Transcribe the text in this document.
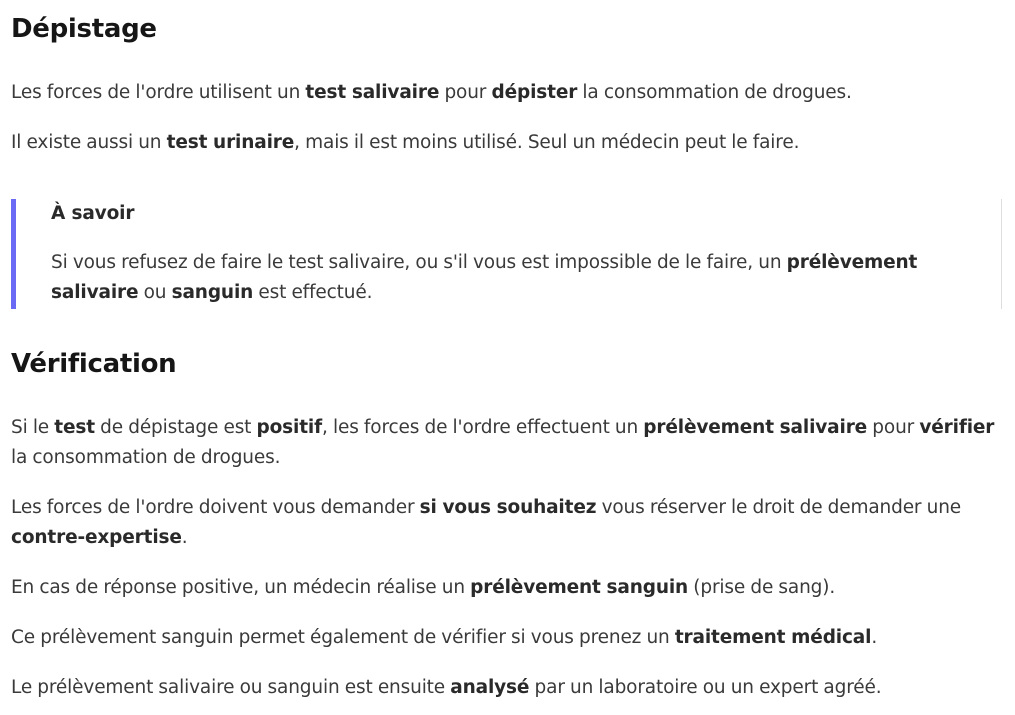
Dépistage

Les forces de l'ordre utilisent un test salivaire pour dépister la consommation de drogues.

Il existe aussi un test urinaire, mais il est moins utilisé. Seul un médecin peut le faire.

À savoir

Si vous refusez de faire le test salivaire, ou s'il vous est impossible de le faire, un prélèvement salivaire ou sanguin est effectué.

Vérification

Si le test de dépistage est positif, les forces de l'ordre effectuent un prélèvement salivaire pour vérifier la consommation de drogues.

Les forces de l'ordre doivent vous demander si vous souhaitez vous réserver le droit de demander une contre-expertise.

En cas de réponse positive, un médecin réalise un prélèvement sanguin (prise de sang).

Ce prélèvement sanguin permet également de vérifier si vous prenez un traitement médical.

Le prélèvement salivaire ou sanguin est ensuite analysé par un laboratoire ou un expert agréé.
